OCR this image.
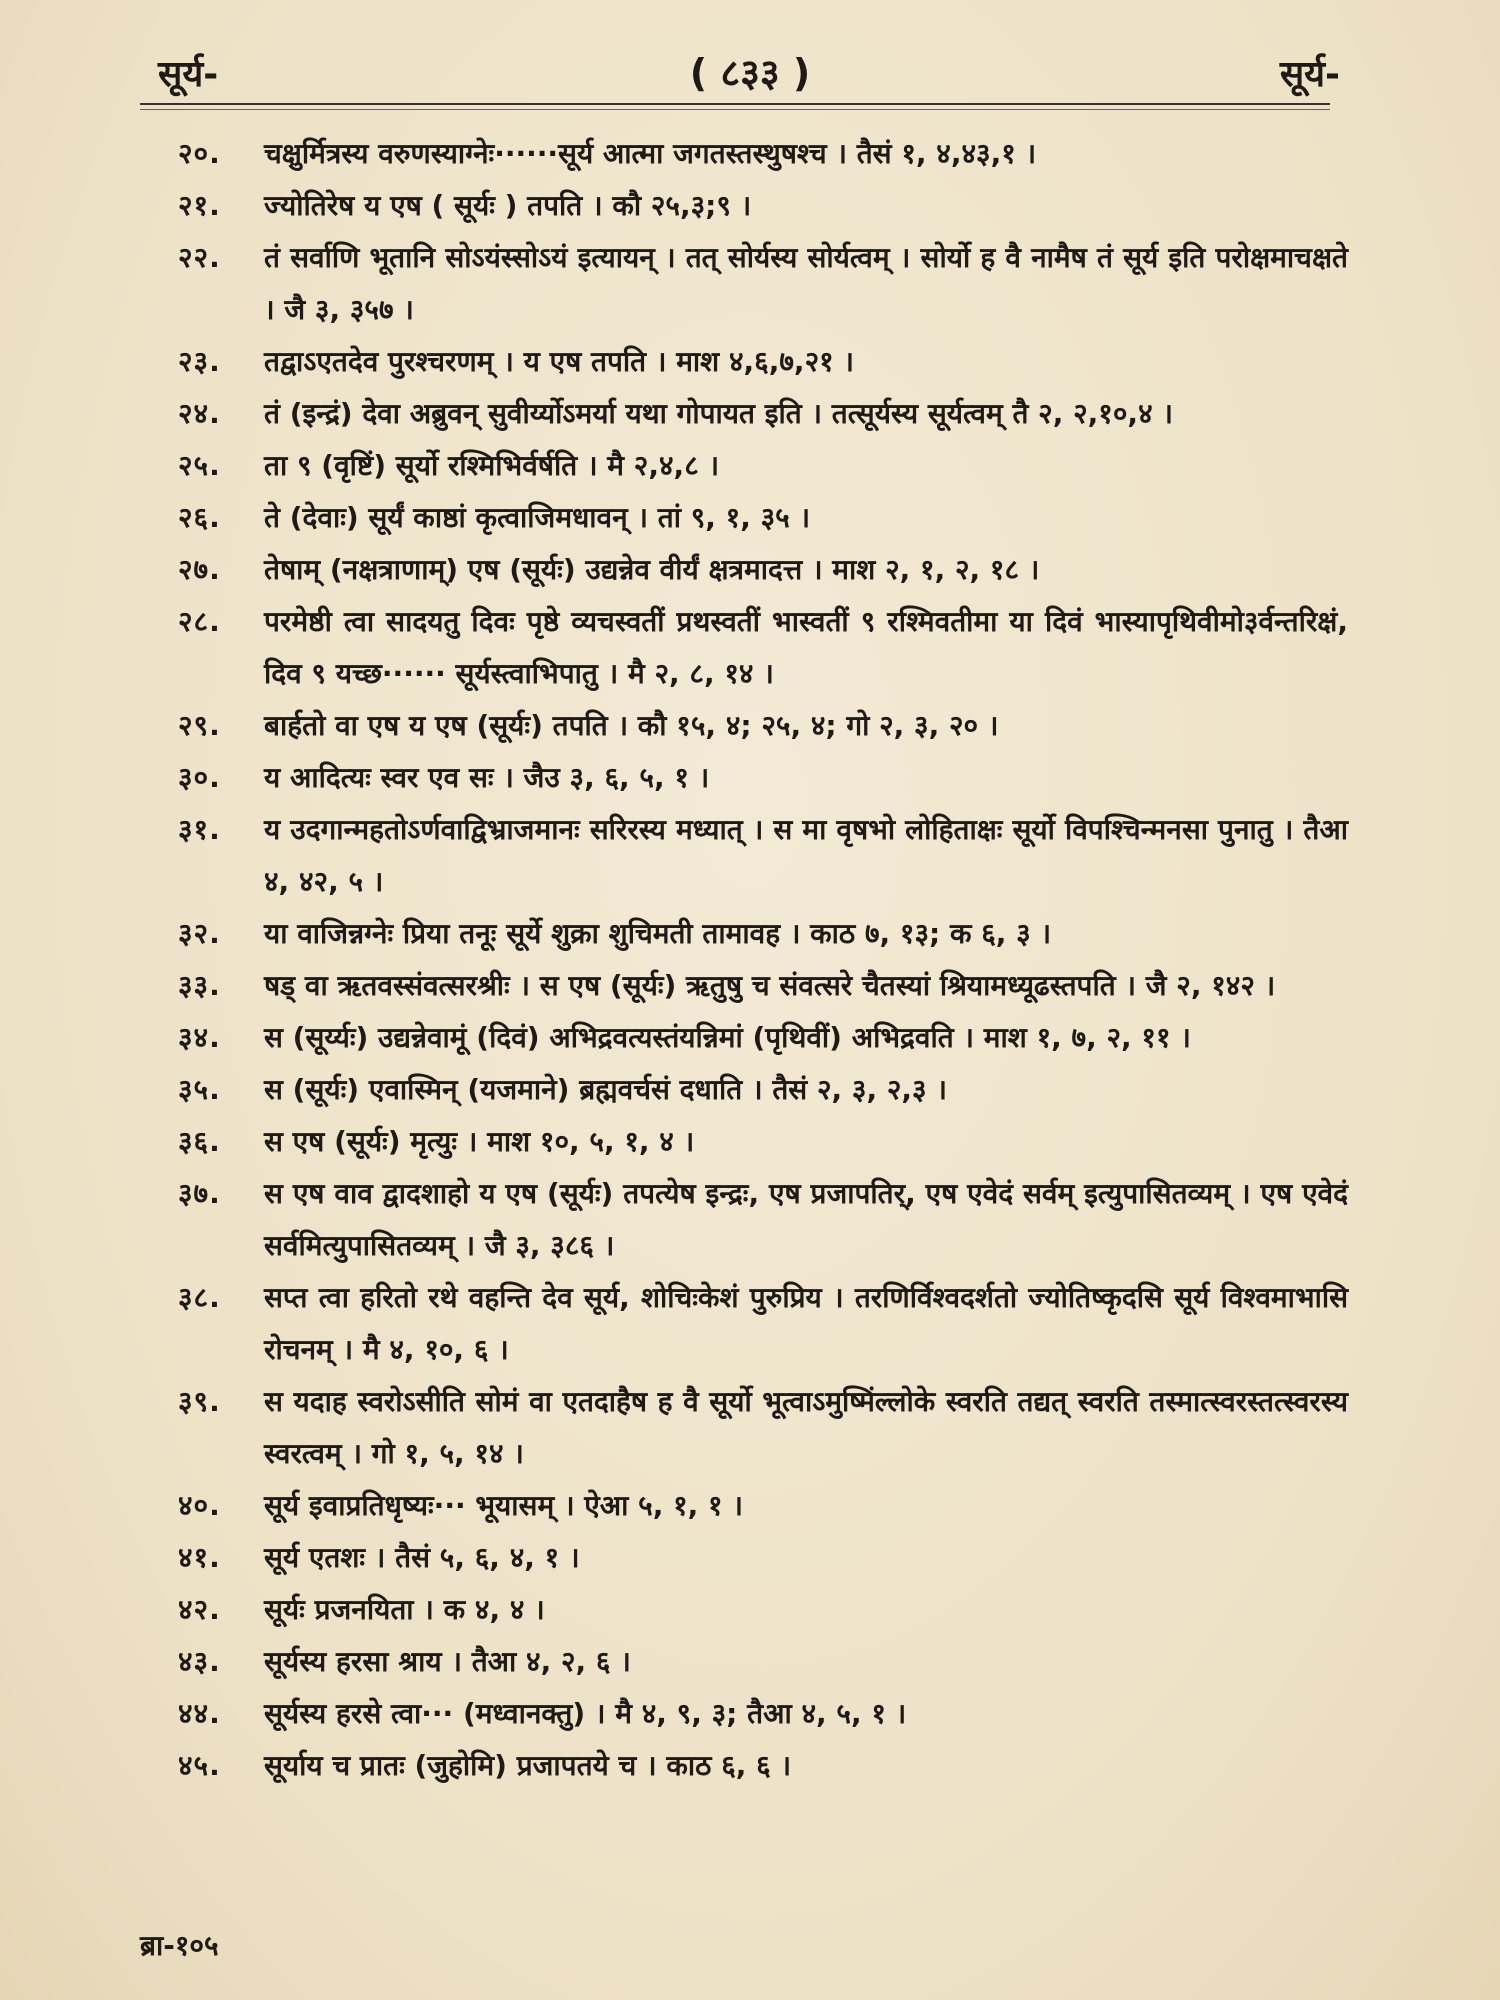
सूर्य-	( ८३३ )	सूर्य-
२०.	चक्षुर्मित्रस्य वरुणस्याग्नेः······सूर्य आत्मा जगतस्तस्थुषश्च । तैसं १, ४,४३,१ ।
२१.	ज्योतिरेष य एष ( सूर्यः ) तपति । कौ २५,३;९ ।
२२.	तं सर्वाणि भूतानि सोऽयंस्सोऽयं इत्यायन् । तत् सोर्यस्य सोर्यत्वम् । सोर्यो ह वै नामैष तं सूर्य इति परोक्षमाचक्षते । जै ३, ३५७ ।
२३.	तद्वाऽएतदेव पुरश्चरणम् । य एष तपति । माश ४,६,७,२१ ।
२४.	तं (इन्द्रं) देवा अब्रुवन् सुवीर्य्योऽमर्या यथा गोपायत इति । तत्सूर्यस्य सूर्यत्वम् तै २, २,१०,४ ।
२५.	ता ९ (वृष्टिं) सूर्यो रश्मिभिर्वर्षति । मै २,४,८ ।
२६.	ते (देवाः) सूर्यं काष्ठां कृत्वाजिमधावन् । तां ९, १, ३५ ।
२७.	तेषाम् (नक्षत्राणाम्) एष (सूर्यः) उद्यन्नेव वीर्यं क्षत्रमादत्त । माश २, १, २, १८ ।
२८.	परमेष्ठी त्वा सादयतु दिवः पृष्ठे व्यचस्वतीं प्रथस्वतीं भास्वतीं ९ रश्मिवतीमा या दिवं भास्यापृथिवीमो३र्वन्तरिक्षं, दिव ९ यच्छ······ सूर्यस्त्वाभिपातु । मै २, ८, १४ ।
२९.	बार्हतो वा एष य एष (सूर्यः) तपति । कौ १५, ४; २५, ४; गो २, ३, २० ।
३०.	य आदित्यः स्वर एव सः । जैउ ३, ६, ५, १ ।
३१.	य उदगान्महतोऽर्णवाद्विभ्राजमानः सरिरस्य मध्यात् । स मा वृषभो लोहिताक्षः सूर्यो विपश्चिन्मनसा पुनातु । तैआ ४, ४२, ५ ।
३२.	या वाजिन्नग्नेः प्रिया तनूः सूर्ये शुक्रा शुचिमती तामावह । काठ ७, १३; क ६, ३ ।
३३.	षड् वा ऋतवस्संवत्सरश्रीः । स एष (सूर्यः) ऋतुषु च संवत्सरे चैतस्यां श्रियामध्यूढस्तपति । जै २, १४२ ।
३४.	स (सूर्य्यः) उद्यन्नेवामूं (दिवं) अभिद्रवत्यस्तंयन्निमां (पृथिवीं) अभिद्रवति । माश १, ७, २, ११ ।
३५.	स (सूर्यः) एवास्मिन् (यजमाने) ब्रह्मवर्चसं दधाति । तैसं २, ३, २,३ ।
३६.	स एष (सूर्यः) मृत्युः । माश १०, ५, १, ४ ।
३७.	स एष वाव द्वादशाहो य एष (सूर्यः) तपत्येष इन्द्रः, एष प्रजापतिर्, एष एवेदं सर्वम् इत्युपासितव्यम् । एष एवेदं सर्वमित्युपासितव्यम् । जै ३, ३८६ ।
३८.	सप्त त्वा हरितो रथे वहन्ति देव सूर्य, शोचिःकेशं पुरुप्रिय । तरणिर्विश्वदर्शतो ज्योतिष्कृदसि सूर्य विश्वमाभासि रोचनम् । मै ४, १०, ६ ।
३९.	स यदाह स्वरोऽसीति सोमं वा एतदाहैष ह वै सूर्यो भूत्वाऽमुष्मिंल्लोके स्वरति तद्यत् स्वरति तस्मात्स्वरस्तत्स्वरस्य स्वरत्वम् । गो १, ५, १४ ।
४०.	सूर्य इवाप्रतिधृष्यः··· भूयासम् । ऐआ ५, १, १ ।
४१.	सूर्य एतशः । तैसं ५, ६, ४, १ ।
४२.	सूर्यः प्रजनयिता । क ४, ४ ।
४३.	सूर्यस्य हरसा श्राय । तैआ ४, २, ६ ।
४४.	सूर्यस्य हरसे त्वा··· (मध्वानक्तु) । मै ४, ९, ३; तैआ ४, ५, १ ।
४५.	सूर्याय च प्रातः (जुहोमि) प्रजापतये च । काठ ६, ६ ।
ब्रा-१०५
